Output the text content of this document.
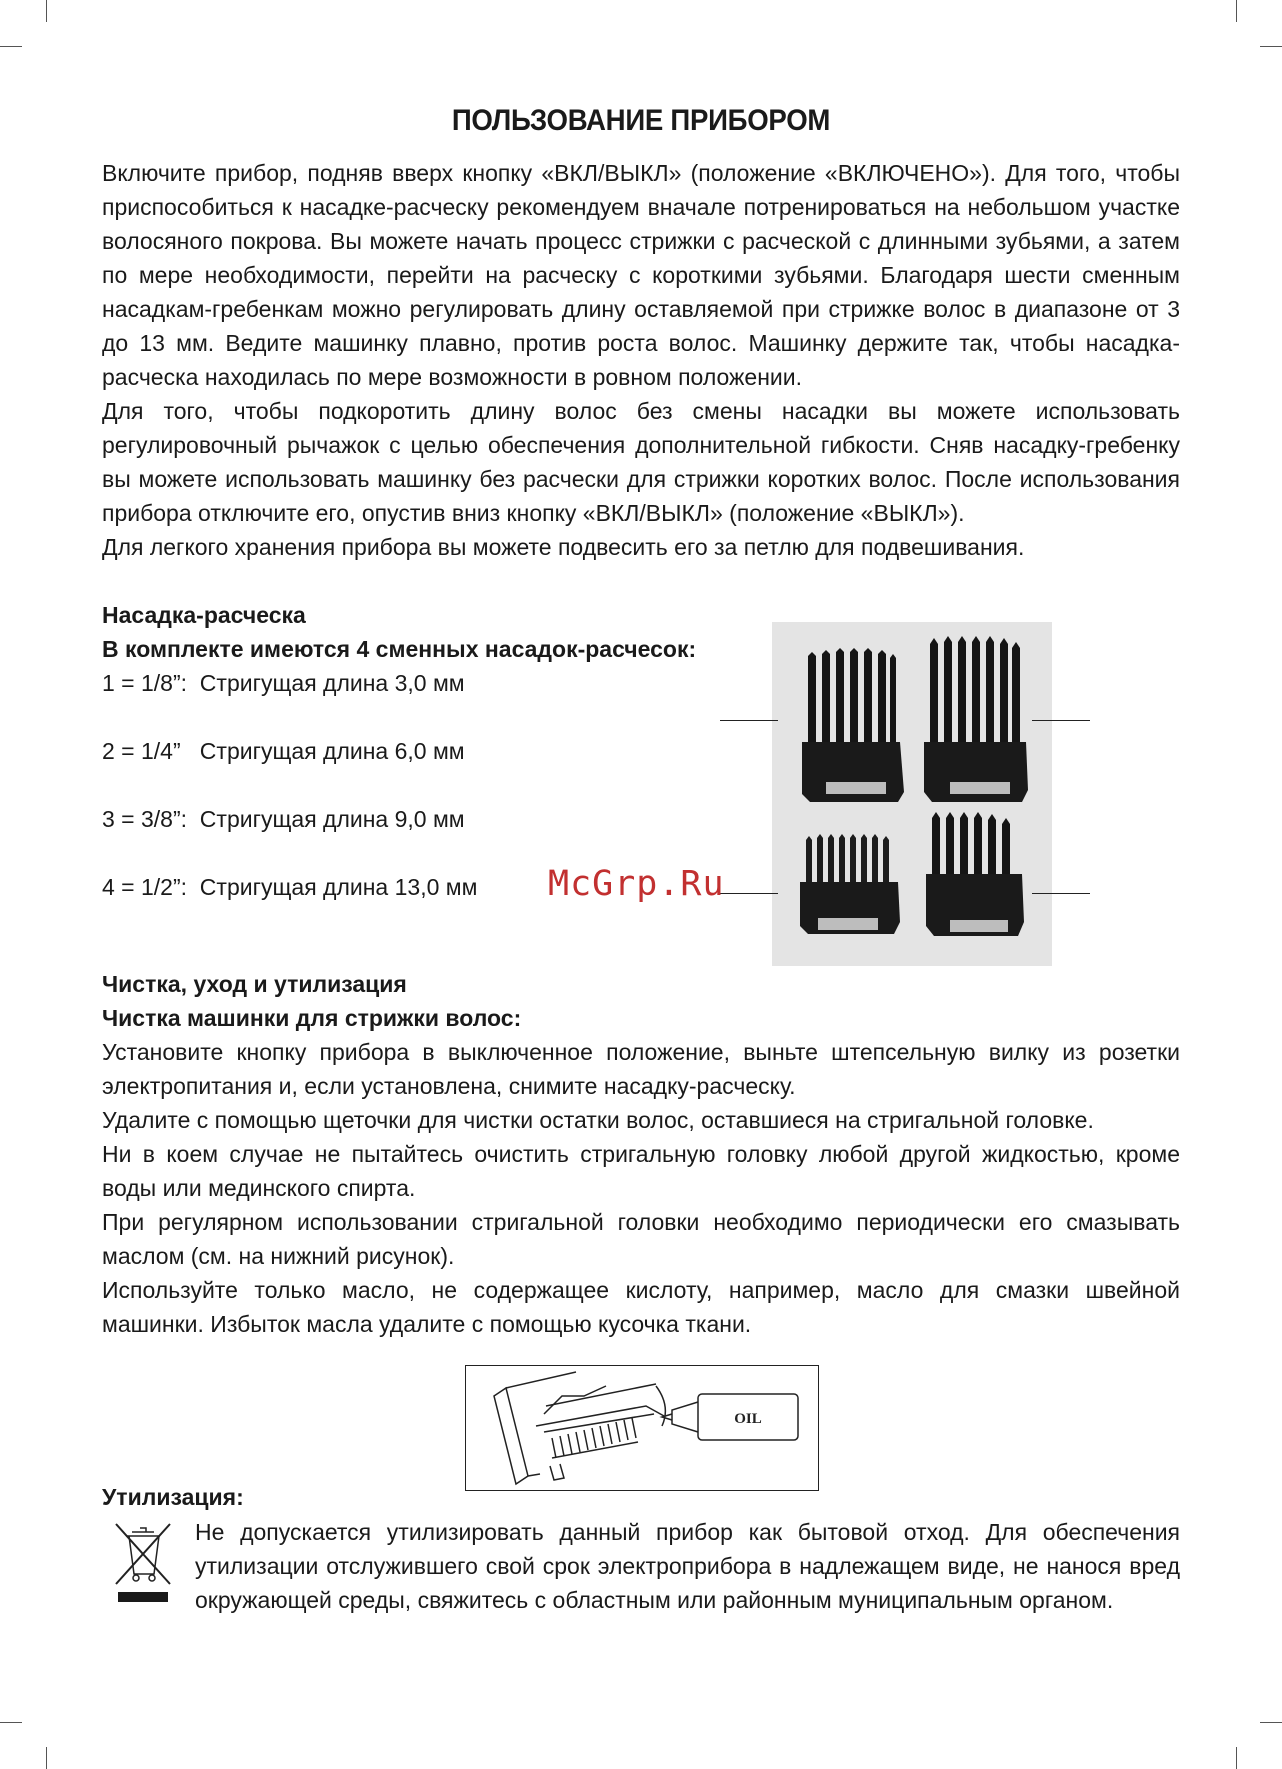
ПОЛЬЗОВАНИЕ ПРИБОРОМ

Включите прибор, подняв вверх кнопку «ВКЛ/ВЫКЛ» (положение «ВКЛЮЧЕНО»). Для того, чтобы приспособиться к насадке-расческу рекомендуем вначале потренироваться на небольшом участке волосяного покрова. Вы можете начать процесс стрижки с расческой с длинными зубьями, а затем по мере необходимости, перейти на расческу с короткими зубьями. Благодаря шести сменным насадкам-гребенкам можно регулировать длину оставляемой при стрижке волос в диапазоне от 3 до 13 мм. Ведите машинку плавно, против роста волос. Машинку держите так, чтобы насадка-расческа находилась по мере возможности в ровном положении.

Для того, чтобы подкоротить длину волос без смены насадки вы можете использовать регулировочный рычажок с целью обеспечения дополнительной гибкости. Сняв насадку-гребенку вы можете использовать машинку без расчески для стрижки коротких волос. После использования прибора отключите его, опустив вниз кнопку «ВКЛ/ВЫКЛ» (положение «ВЫКЛ»).

Для легкого хранения прибора вы можете подвесить его за петлю для подвешивания.

Насадка-расческа

В комплекте имеются 4 сменных насадок-расчесок:

1 = 1/8”:  Стригущая длина 3,0 мм

2 = 1/4”   Стригущая длина 6,0 мм

3 = 3/8”:  Стригущая длина 9,0 мм

4 = 1/2”:  Стригущая длина 13,0 мм	McGrp.Ru

Чистка, уход и утилизация

Чистка машинки для стрижки волос:

Установите кнопку прибора в выключенное положение, выньте штепсельную вилку из розетки электропитания и, если установлена, снимите насадку-расческу.

Удалите с помощью щеточки для чистки остатки волос, оставшиеся на стригальной головке.

Ни в коем случае не пытайтесь очистить стригальную головку любой другой жидкостью, кроме воды или мединского спирта.

При регулярном использовании стригальной головки необходимо периодически его смазывать маслом (см. на нижний рисунок).

Используйте только масло, не содержащее кислоту, например, масло для смазки швейной машинки. Избыток масла удалите с помощью кусочка ткани.

OIL
Утилизация:
Не допускается утилизировать данный прибор как бытовой отход. Для обеспечения утилизации отслужившего свой срок электроприбора в надлежащем виде, не нанося вред окружающей среды, свяжитесь с областным или районным муниципальным органом.
